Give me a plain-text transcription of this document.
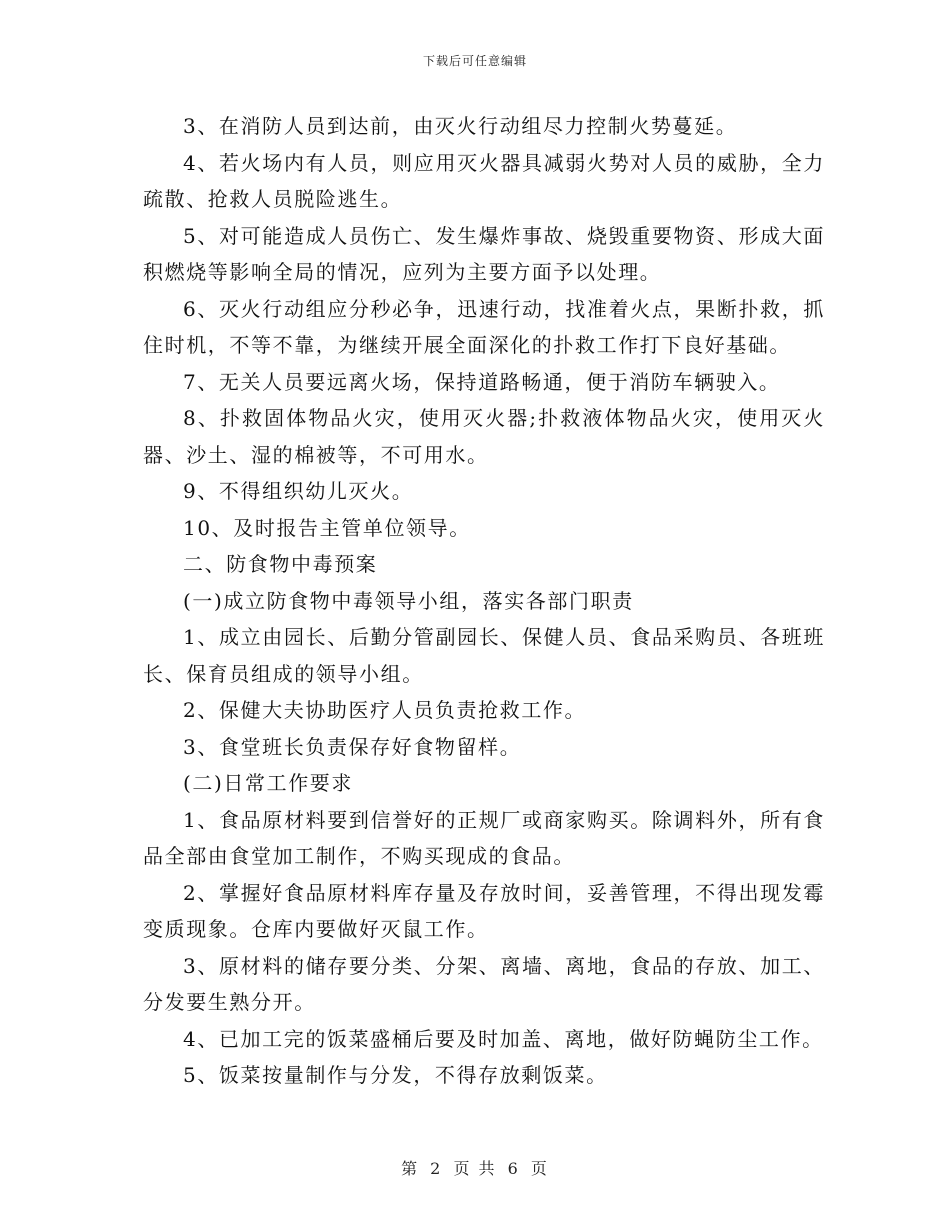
下载后可任意编辑

3、在消防人员到达前，由灭火行动组尽力控制火势蔓延。

4、若火场内有人员，则应用灭火器具减弱火势对人员的威胁，全力疏散、抢救人员脱险逃生。

5、对可能造成人员伤亡、发生爆炸事故、烧毁重要物资、形成大面积燃烧等影响全局的情况，应列为主要方面予以处理。

6、灭火行动组应分秒必争，迅速行动，找准着火点，果断扑救，抓住时机，不等不靠，为继续开展全面深化的扑救工作打下良好基础。

7、无关人员要远离火场，保持道路畅通，便于消防车辆驶入。

8、扑救固体物品火灾，使用灭火器;扑救液体物品火灾，使用灭火器、沙土、湿的棉被等，不可用水。

9、不得组织幼儿灭火。

10、及时报告主管单位领导。

二、防食物中毒预案

(一)成立防食物中毒领导小组，落实各部门职责

1、成立由园长、后勤分管副园长、保健人员、食品采购员、各班班长、保育员组成的领导小组。

2、保健大夫协助医疗人员负责抢救工作。

3、食堂班长负责保存好食物留样。

(二)日常工作要求

1、食品原材料要到信誉好的正规厂或商家购买。除调料外，所有食品全部由食堂加工制作，不购买现成的食品。

2、掌握好食品原材料库存量及存放时间，妥善管理，不得出现发霉变质现象。仓库内要做好灭鼠工作。

3、原材料的储存要分类、分架、离墙、离地，食品的存放、加工、分发要生熟分开。

4、已加工完的饭菜盛桶后要及时加盖、离地，做好防蝇防尘工作。

5、饭菜按量制作与分发，不得存放剩饭菜。

第 2 页 共 6 页
